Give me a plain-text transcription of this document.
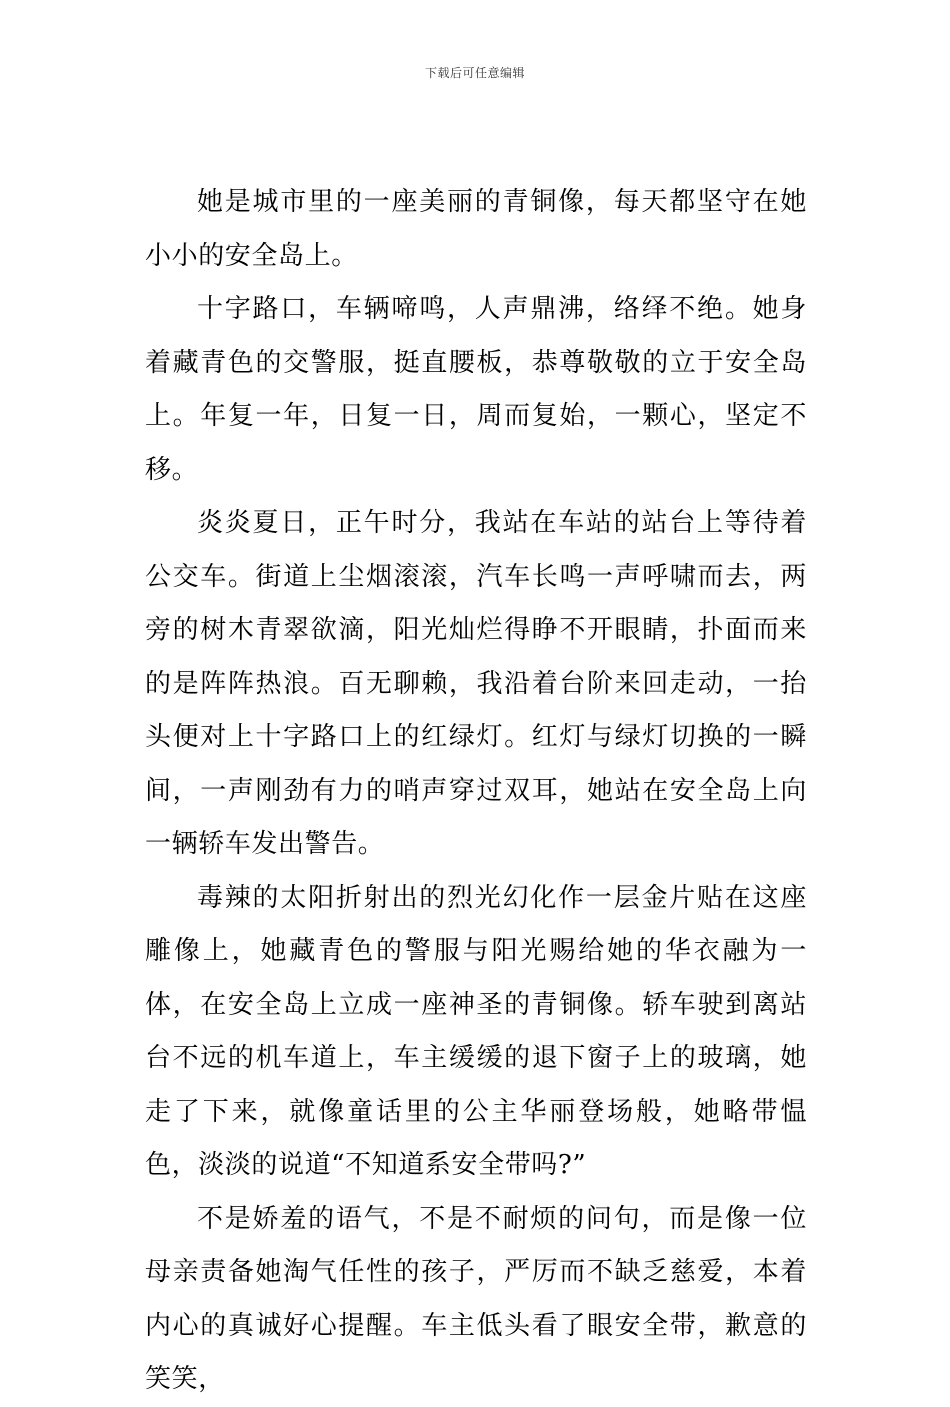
下载后可任意编辑

她是城市里的一座美丽的青铜像，每天都坚守在她小小的安全岛上。

十字路口，车辆啼鸣，人声鼎沸，络绎不绝。她身着藏青色的交警服，挺直腰板，恭尊敬敬的立于安全岛上。年复一年，日复一日，周而复始，一颗心，坚定不移。

炎炎夏日，正午时分，我站在车站的站台上等待着公交车。街道上尘烟滚滚，汽车长鸣一声呼啸而去，两旁的树木青翠欲滴，阳光灿烂得睁不开眼睛，扑面而来的是阵阵热浪。百无聊赖，我沿着台阶来回走动，一抬头便对上十字路口上的红绿灯。红灯与绿灯切换的一瞬间，一声刚劲有力的哨声穿过双耳，她站在安全岛上向一辆轿车发出警告。

毒辣的太阳折射出的烈光幻化作一层金片贴在这座雕像上，她藏青色的警服与阳光赐给她的华衣融为一体，在安全岛上立成一座神圣的青铜像。轿车驶到离站台不远的机车道上，车主缓缓的退下窗子上的玻璃，她走了下来，就像童话里的公主华丽登场般，她略带愠色，淡淡的说道“不知道系安全带吗?”

不是娇羞的语气，不是不耐烦的问句，而是像一位母亲责备她淘气任性的孩子，严厉而不缺乏慈爱，本着内心的真诚好心提醒。车主低头看了眼安全带，歉意的笑笑，
